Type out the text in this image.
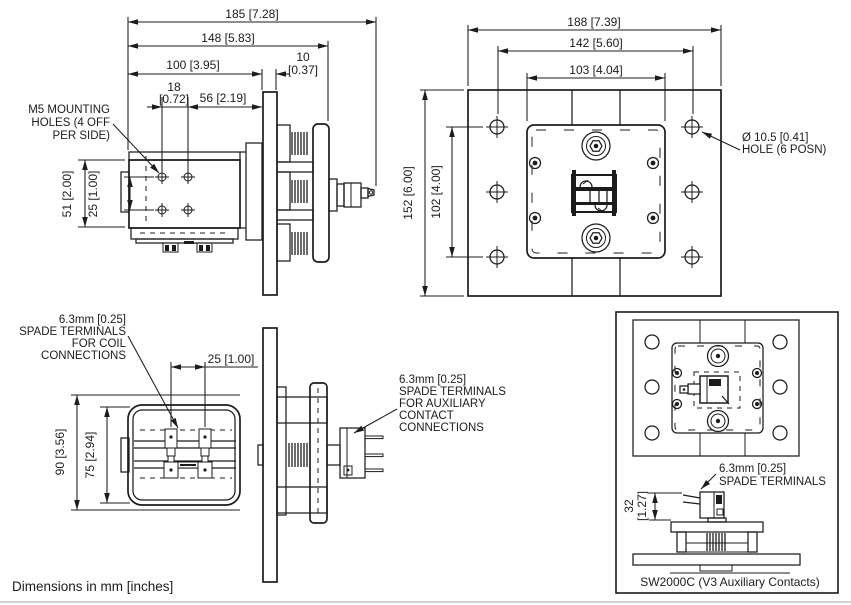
185 [7.28]
148 [5.83]
100 [3.95]
10
[0.37]
18
[0.72] 56 [2.19]
51 [2.00] 25 [1.00]
M5 MOUNTING
HOLES (4 OFF
PER SIDE)
188 [7.39]
142 [5.60]
103 [4.04]
152 [6.00] 102 [4.00]
Ø 10.5 [0.41]
HOLE (6 POSN)
25 [1.00]
90 [3.56] 75 [2.94]
6.3mm [0.25]
SPADE TERMINALS
FOR COIL
CONNECTIONS
6.3mm [0.25]
SPADE TERMINALS
FOR AUXILIARY
CONTACT
CONNECTIONS
32 [1.27]
6.3mm [0.25]
SPADE TERMINALS
SW2000C (V3 Auxiliary Contacts)
Dimensions in mm [inches]
